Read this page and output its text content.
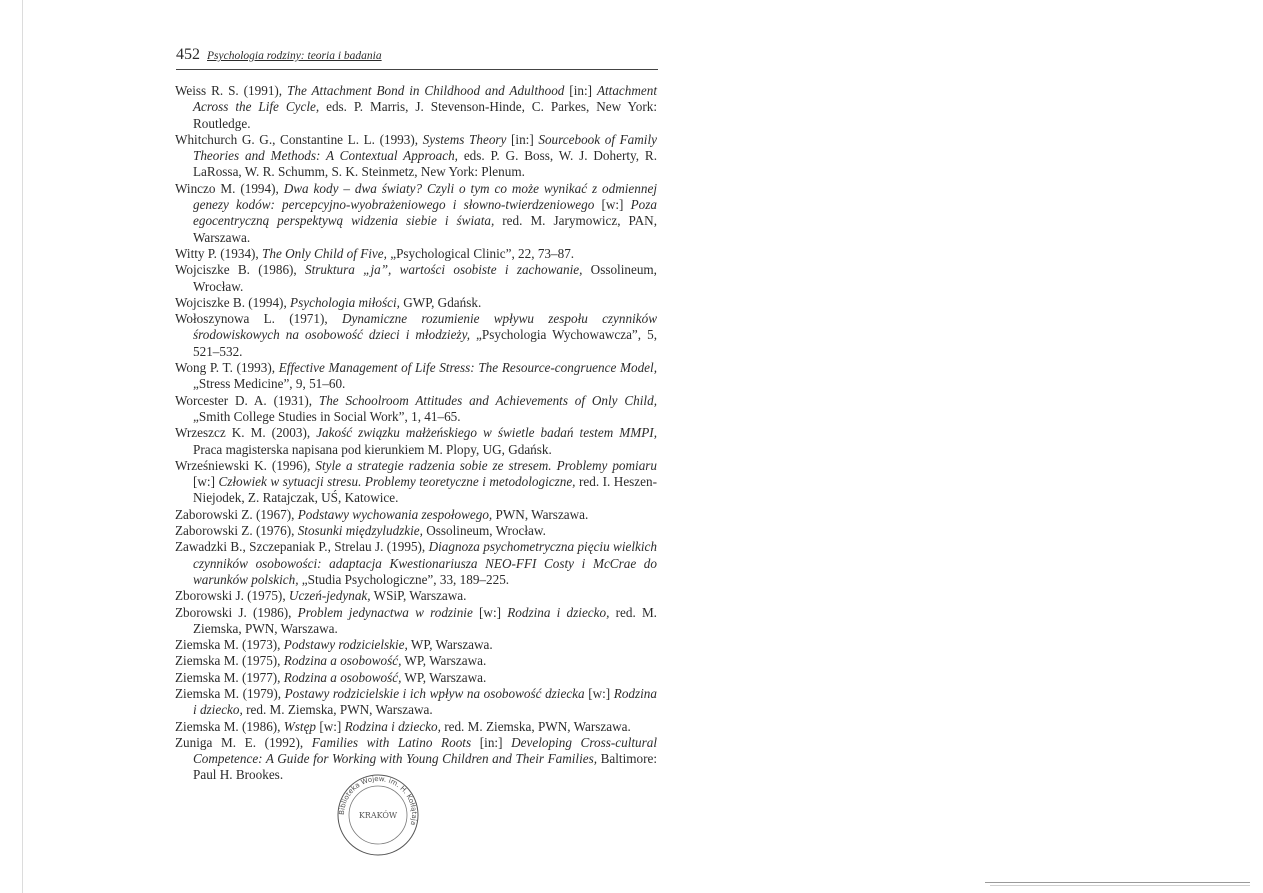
452 Psychologia rodziny: teoria i badania

Weiss R. S. (1991), The Attachment Bond in Childhood and Adulthood [in:] Attachment Across the Life Cycle, eds. P. Marris, J. Stevenson-Hinde, C. Parkes, New York: Routledge.

Whitchurch G. G., Constantine L. L. (1993), Systems Theory [in:] Sourcebook of Family Theories and Methods: A Contextual Approach, eds. P. G. Boss, W. J. Doherty, R. LaRossa, W. R. Schumm, S. K. Steinmetz, New York: Plenum.

Winczo M. (1994), Dwa kody – dwa światy? Czyli o tym co może wynikać z odmiennej genezy kodów: percepcyjno-wyobrażeniowego i słowno-twierdzeniowego [w:] Poza egocentryczną perspektywą widzenia siebie i świata, red. M. Jarymowicz, PAN, Warszawa.

Witty P. (1934), The Only Child of Five, „Psychological Clinic”, 22, 73–87.

Wojciszke B. (1986), Struktura „ja”, wartości osobiste i zachowanie, Ossolineum, Wrocław.

Wojciszke B. (1994), Psychologia miłości, GWP, Gdańsk.

Wołoszynowa L. (1971), Dynamiczne rozumienie wpływu zespołu czynników środowiskowych na osobowość dzieci i młodzieży, „Psychologia Wychowawcza”, 5, 521–532.

Wong P. T. (1993), Effective Management of Life Stress: The Resource-congruence Model, „Stress Medicine”, 9, 51–60.

Worcester D. A. (1931), The Schoolroom Attitudes and Achievements of Only Child, „Smith College Studies in Social Work”, 1, 41–65.

Wrzeszcz K. M. (2003), Jakość związku małżeńskiego w świetle badań testem MMPI, Praca magisterska napisana pod kierunkiem M. Plopy, UG, Gdańsk.

Wrześniewski K. (1996), Style a strategie radzenia sobie ze stresem. Problemy pomiaru [w:] Człowiek w sytuacji stresu. Problemy teoretyczne i metodologiczne, red. I. Heszen-Niejodek, Z. Ratajczak, UŚ, Katowice.

Zaborowski Z. (1967), Podstawy wychowania zespołowego, PWN, Warszawa.

Zaborowski Z. (1976), Stosunki międzyludzkie, Ossolineum, Wrocław.

Zawadzki B., Szczepaniak P., Strelau J. (1995), Diagnoza psychometryczna pięciu wielkich czynników osobowości: adaptacja Kwestionariusza NEO-FFI Costy i McCrae do warunków polskich, „Studia Psychologiczne”, 33, 189–225.

Zborowski J. (1975), Uczeń-jedynak, WSiP, Warszawa.

Zborowski J. (1986), Problem jedynactwa w rodzinie [w:] Rodzina i dziecko, red. M. Ziemska, PWN, Warszawa.

Ziemska M. (1973), Podstawy rodzicielskie, WP, Warszawa.

Ziemska M. (1975), Rodzina a osobowość, WP, Warszawa.

Ziemska M. (1977), Rodzina a osobowość, WP, Warszawa.

Ziemska M. (1979), Postawy rodzicielskie i ich wpływ na osobowość dziecka [w:] Rodzina i dziecko, red. M. Ziemska, PWN, Warszawa.

Ziemska M. (1986), Wstęp [w:] Rodzina i dziecko, red. M. Ziemska, PWN, Warszawa.

Zuniga M. E. (1992), Families with Latino Roots [in:] Developing Cross-cultural Competence: A Guide for Working with Young Children and Their Families, Baltimore: Paul H. Brookes.

Biblioteka Wojew. im. H. Kołłątaja
KRAKÓW
